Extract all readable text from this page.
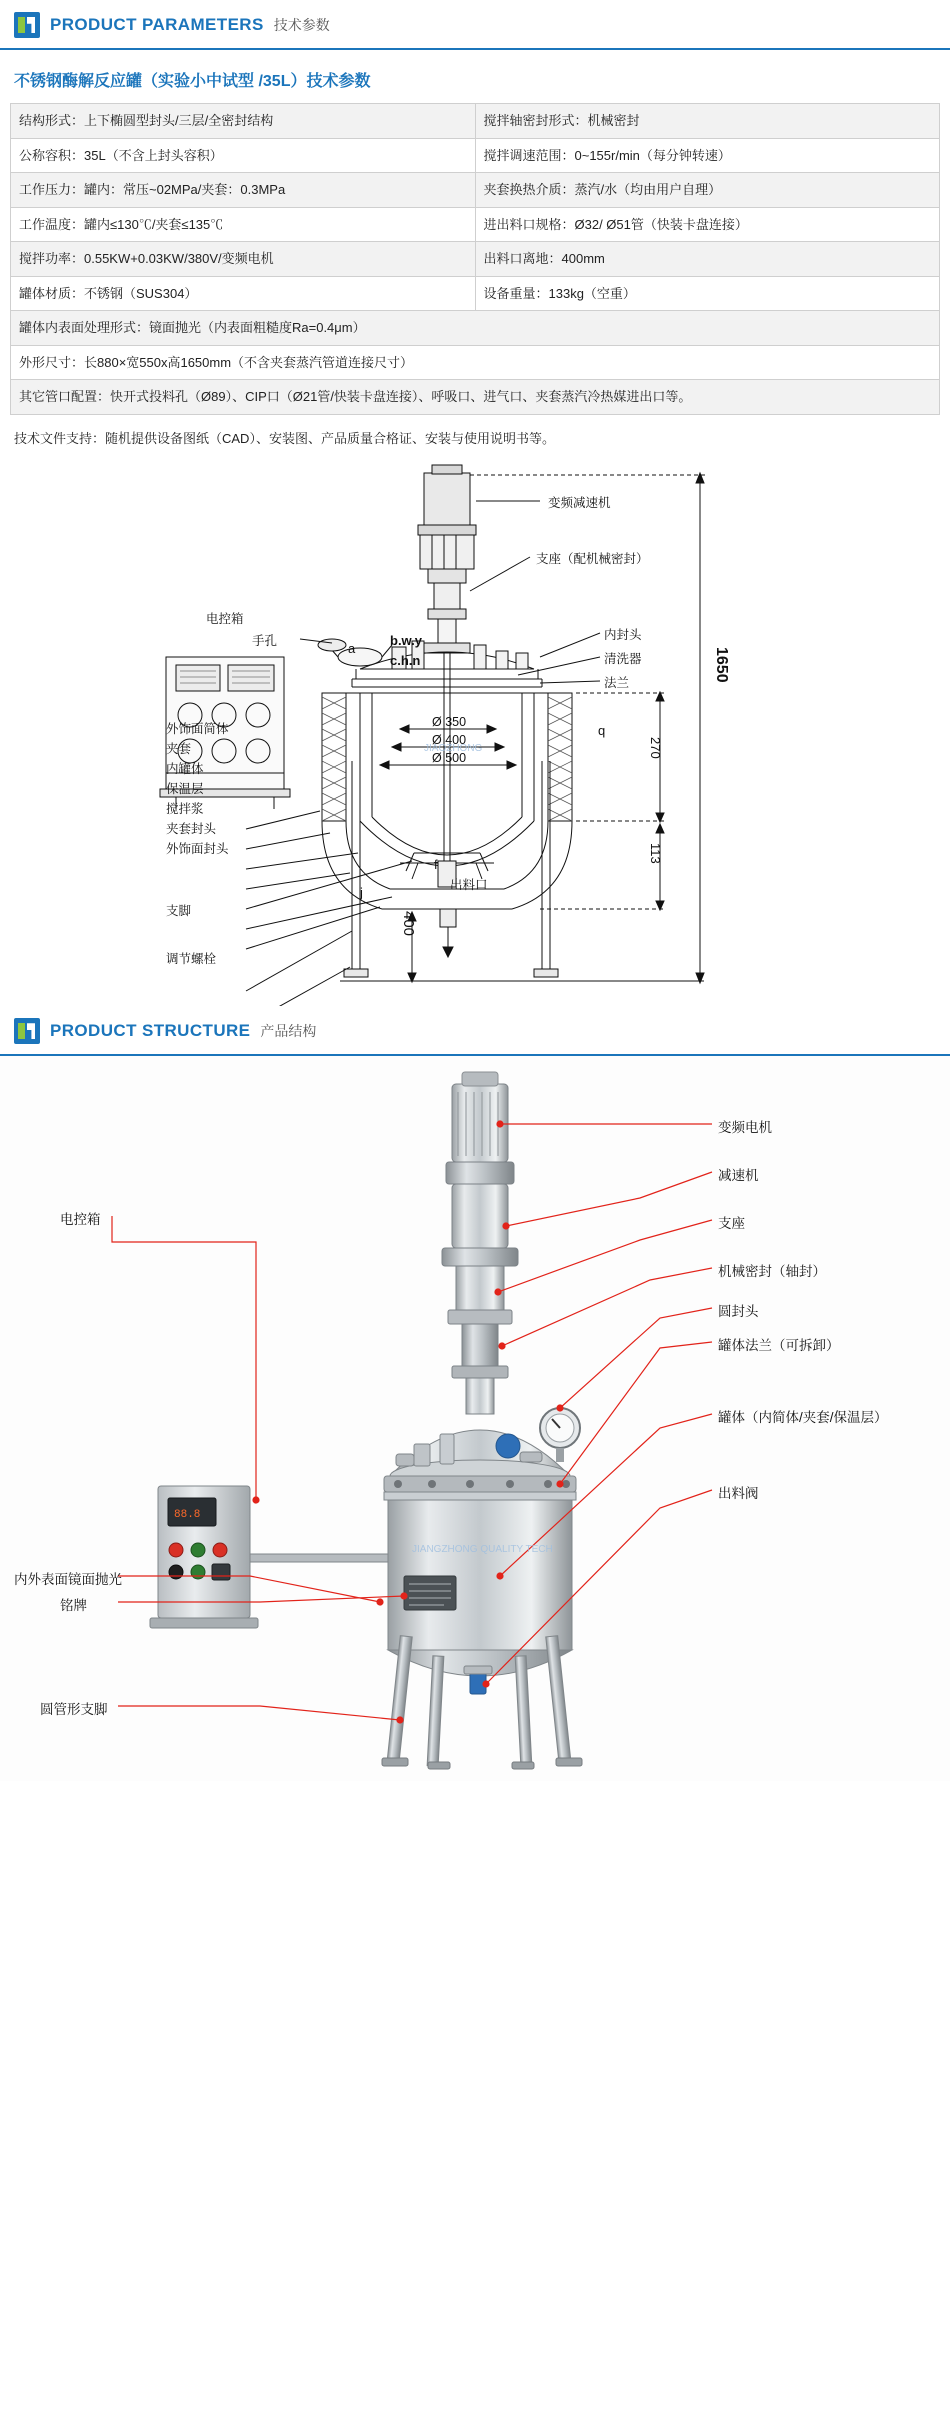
PRODUCT PARAMETERS 技术参数
不锈钢酶解反应罐（实验小中试型 /35L）技术参数
结构形式：上下椭圆型封头/三层/全密封结构	搅拌轴密封形式：机械密封
公称容积：35L（不含上封头容积）	搅拌调速范围：0~155r/min（每分钟转速）
工作压力：罐内：常压~02MPa/夹套：0.3MPa	夹套换热介质：蒸汽/水（均由用户自理）
工作温度：罐内≤130℃/夹套≤135℃	进出料口规格：Ø32/ Ø51管（快装卡盘连接）
搅拌功率：0.55KW+0.03KW/380V/变频电机	出料口离地：400mm
罐体材质：不锈钢（SUS304）	设备重量：133kg（空重）
罐体内表面处理形式：镜面抛光（内表面粗糙度Ra=0.4μm）	
外形尺寸：长880×宽550x高1650mm（不含夹套蒸汽管道连接尺寸）	
其它管口配置：快开式投料孔（Ø89）、CIP口（Ø21管/快装卡盘连接）、呼吸口、进气口、夹套蒸汽冷热媒进出口等。	
技术文件支持：随机提供设备图纸（CAD）、安装图、产品质量合格证、安装与使用说明书等。
变频减速机
支座（配机械密封）
内封头
清洗器
法兰
手孔
电控箱
b.w.y
c.h.n
a
q
f
j
外饰面简体
夹套
内罐体
保温层
搅拌浆
夹套封头
外饰面封头
支脚
调节螺栓
出料口
Ø 350
Ø 400
Ø 500	270
113
400
1650
JIAOZHONG
PRODUCT STRUCTURE 产品结构
88.8
变频电机
减速机
支座
机械密封（轴封）
圆封头
罐体法兰（可拆卸）
罐体（内简体/夹套/保温层）
出料阀
电控箱
内外表面镜面抛光
铭牌
圆管形支脚
JIANGZHONG QUALITY TECH
